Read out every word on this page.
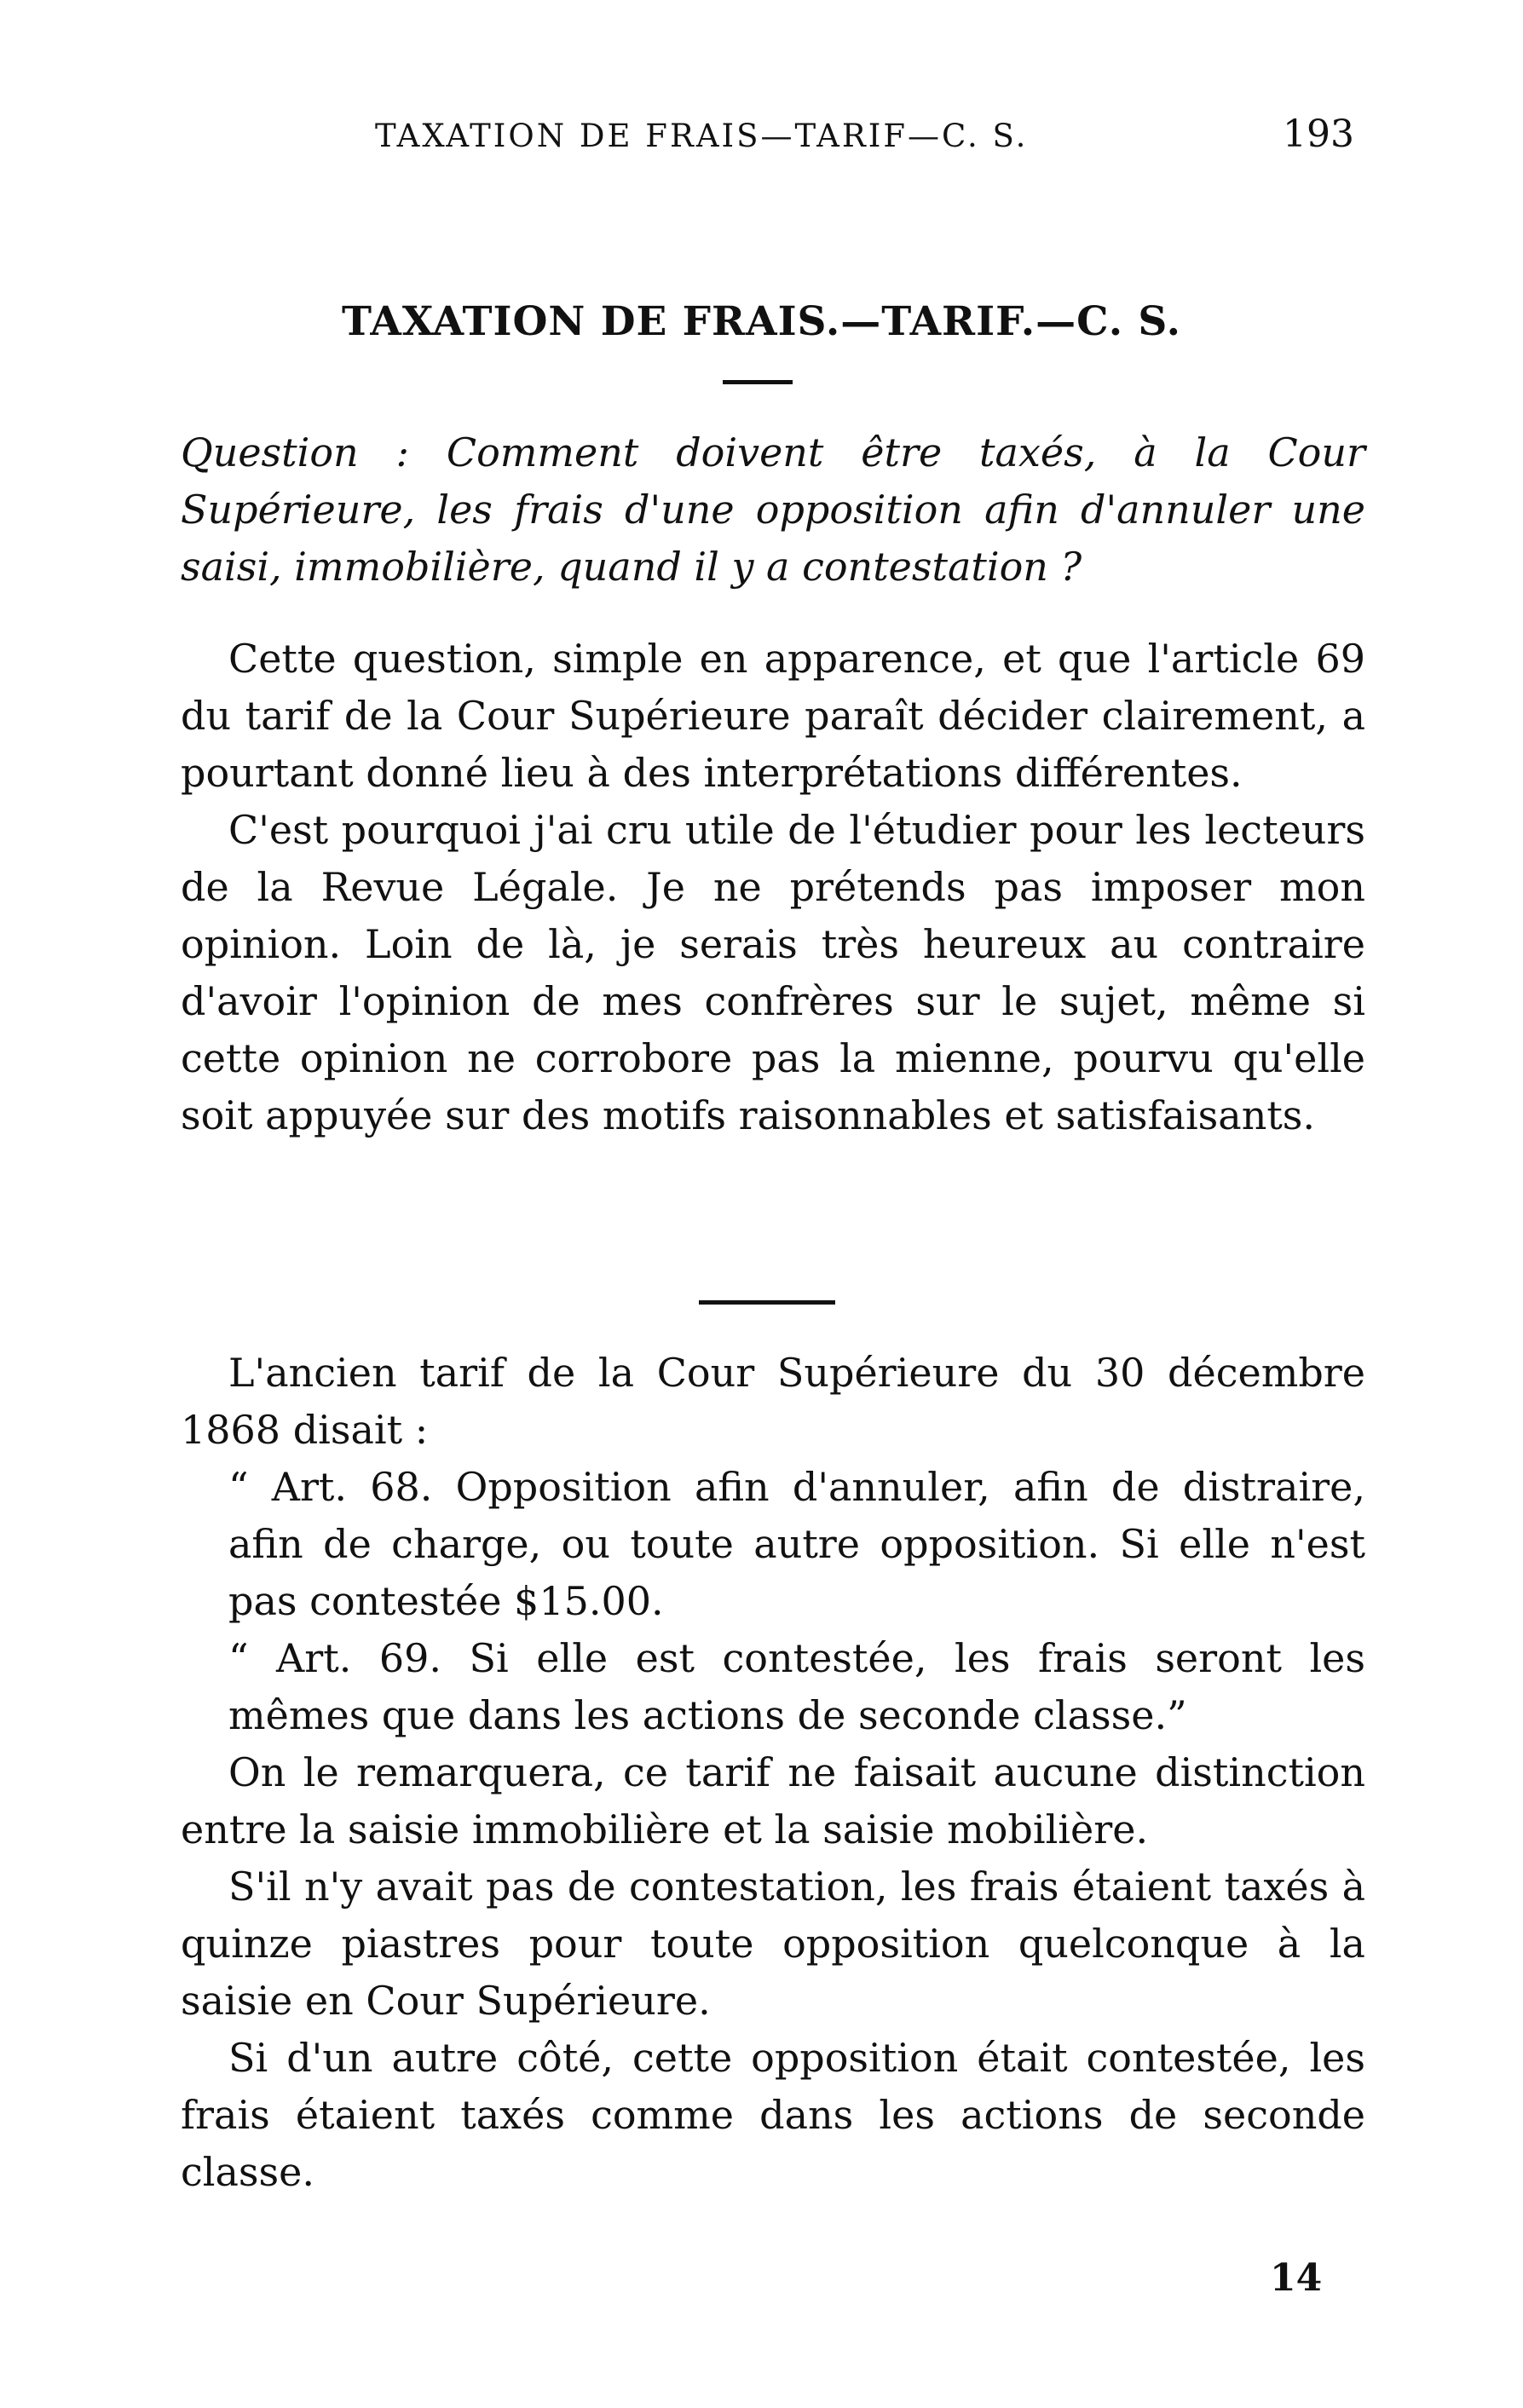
TAXATION DE FRAIS—TARIF—C. S.	193
TAXATION DE FRAIS.—TARIF.—C. S.
Question : Comment doivent être taxés, à la Cour Supérieure, les frais d'une opposition afin d'annuler une saisi, immobilière, quand il y a contestation ?

Cette question, simple en apparence, et que l'article 69 du tarif de la Cour Supérieure paraît décider clairement, a pourtant donné lieu à des interprétations différentes.

C'est pourquoi j'ai cru utile de l'étudier pour les lecteurs de la Revue Légale. Je ne prétends pas imposer mon opinion. Loin de là, je serais très heureux au contraire d'avoir l'opinion de mes confrères sur le sujet, même si cette opinion ne corrobore pas la mienne, pourvu qu'elle soit appuyée sur des motifs raisonnables et satisfaisants.

L'ancien tarif de la Cour Supérieure du 30 décembre 1868 disait :

“ Art. 68. Opposition afin d'annuler, afin de distraire, afin de charge, ou toute autre opposition. Si elle n'est pas contestée $15.00.

“ Art. 69. Si elle est contestée, les frais seront les mêmes que dans les actions de seconde classe.”

On le remarquera, ce tarif ne faisait aucune distinction entre la saisie immobilière et la saisie mobilière.

S'il n'y avait pas de contestation, les frais étaient taxés à quinze piastres pour toute opposition quelconque à la saisie en Cour Supérieure.

Si d'un autre côté, cette opposition était contestée, les frais étaient taxés comme dans les actions de seconde classe.

14
